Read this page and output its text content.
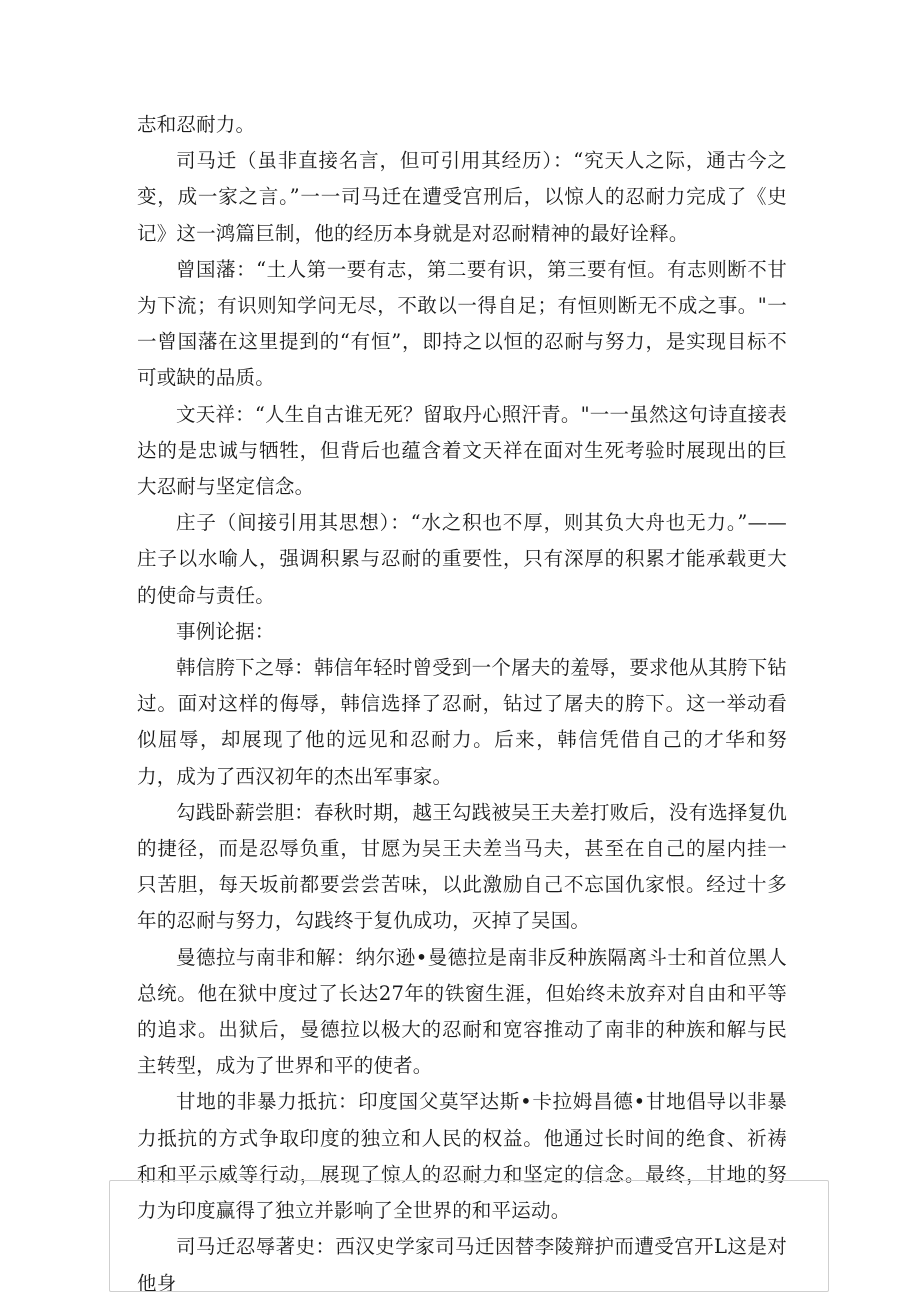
志和忍耐力。

司马迁（虽非直接名言，但可引用其经历）：“究天人之际，通古今之变，成一家之言。”一一司马迁在遭受宫刑后，以惊人的忍耐力完成了《史记》这一鸿篇巨制，他的经历本身就是对忍耐精神的最好诠释。

曾国藩：“土人第一要有志，第二要有识，第三要有恒。有志则断不甘为下流；有识则知学问无尽，不敢以一得自足；有恒则断无不成之事。"一一曾国藩在这里提到的“有恒”，即持之以恒的忍耐与努力，是实现目标不可或缺的品质。

文天祥：“人生自古谁无死？留取丹心照汗青。"一一虽然这句诗直接表达的是忠诚与牺牲，但背后也蕴含着文天祥在面对生死考验时展现出的巨大忍耐与坚定信念。

庄子（间接引用其思想）：“水之积也不厚，则其负大舟也无力。”——庄子以水喻人，强调积累与忍耐的重要性，只有深厚的积累才能承载更大的使命与责任。

事例论据：

韩信胯下之辱：韩信年轻时曾受到一个屠夫的羞辱，要求他从其胯下钻过。面对这样的侮辱，韩信选择了忍耐，钻过了屠夫的胯下。这一举动看似屈辱，却展现了他的远见和忍耐力。后来，韩信凭借自己的才华和努力，成为了西汉初年的杰出军事家。

勾践卧薪尝胆：春秋时期，越王勾践被吴王夫差打败后，没有选择复仇的捷径，而是忍辱负重，甘愿为吴王夫差当马夫，甚至在自己的屋内挂一只苦胆，每天坂前都要尝尝苦味，以此激励自己不忘国仇家恨。经过十多年的忍耐与努力，勾践终于复仇成功，灭掉了吴国。

曼德拉与南非和解：纳尔逊•曼德拉是南非反种族隔离斗士和首位黑人总统。他在狱中度过了长达27年的铁窗生涯，但始终未放弃对自由和平等的追求。出狱后，曼德拉以极大的忍耐和宽容推动了南非的种族和解与民主转型，成为了世界和平的使者。

甘地的非暴力抵抗：印度国父莫罕达斯•卡拉姆昌德•甘地倡导以非暴力抵抗的方式争取印度的独立和人民的权益。他通过长时间的绝食、祈祷和和平示威等行动，展现了惊人的忍耐力和坚定的信念。最终，甘地的努力为印度赢得了独立并影响了全世界的和平运动。

司马迁忍辱著史：西汉史学家司马迁因替李陵辩护而遭受宫开L这是对他身
